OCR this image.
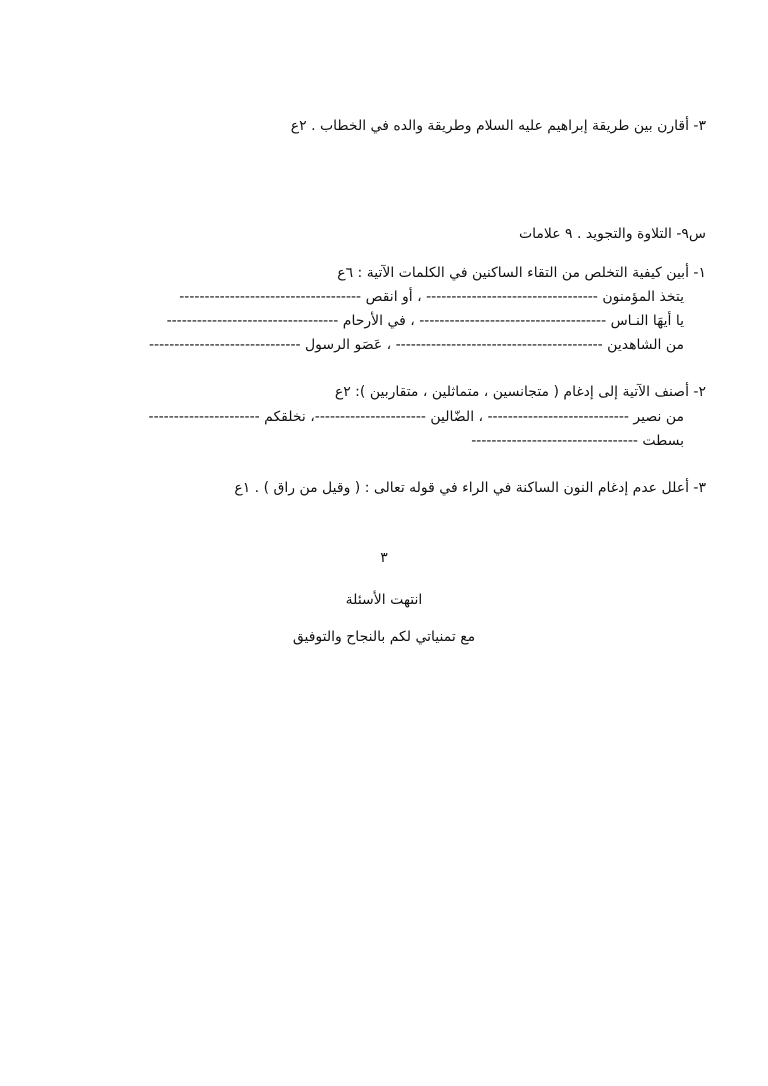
٣- أقارن بين طريقة إبراهيم عليه السلام وطريقة والده في الخطاب . ٢ع
س٩- التلاوة والتجويد . ٩ علامات
١- أبين كيفية التخلص من التقاء الساكنين في الكلمات الآتية : ٦ع
يتخذ المؤمنون ---------------------------------- ، أو انقص ------------------------------------
يا أيهَا النـاس ------------------------------------- ، في الأرحام ----------------------------------
من الشاهدين ----------------------------------------- ، عَصَو الرسول ------------------------------
٢- أصنف الآتية إلى إدغام ( متجانسين ، متماثلين ، متقاربين ): ٢ع
من نصير ---------------------------- ، الضّالين ----------------------، نخلقكم ----------------------
بسطت ---------------------------------
٣- أعلل عدم إدغام النون الساكنة في الراء في قوله تعالى : ( وقيل من راق ) . ١ع
٣
انتهت الأسئلة
مع تمنياتي لكم بالنجاح والتوفيق
